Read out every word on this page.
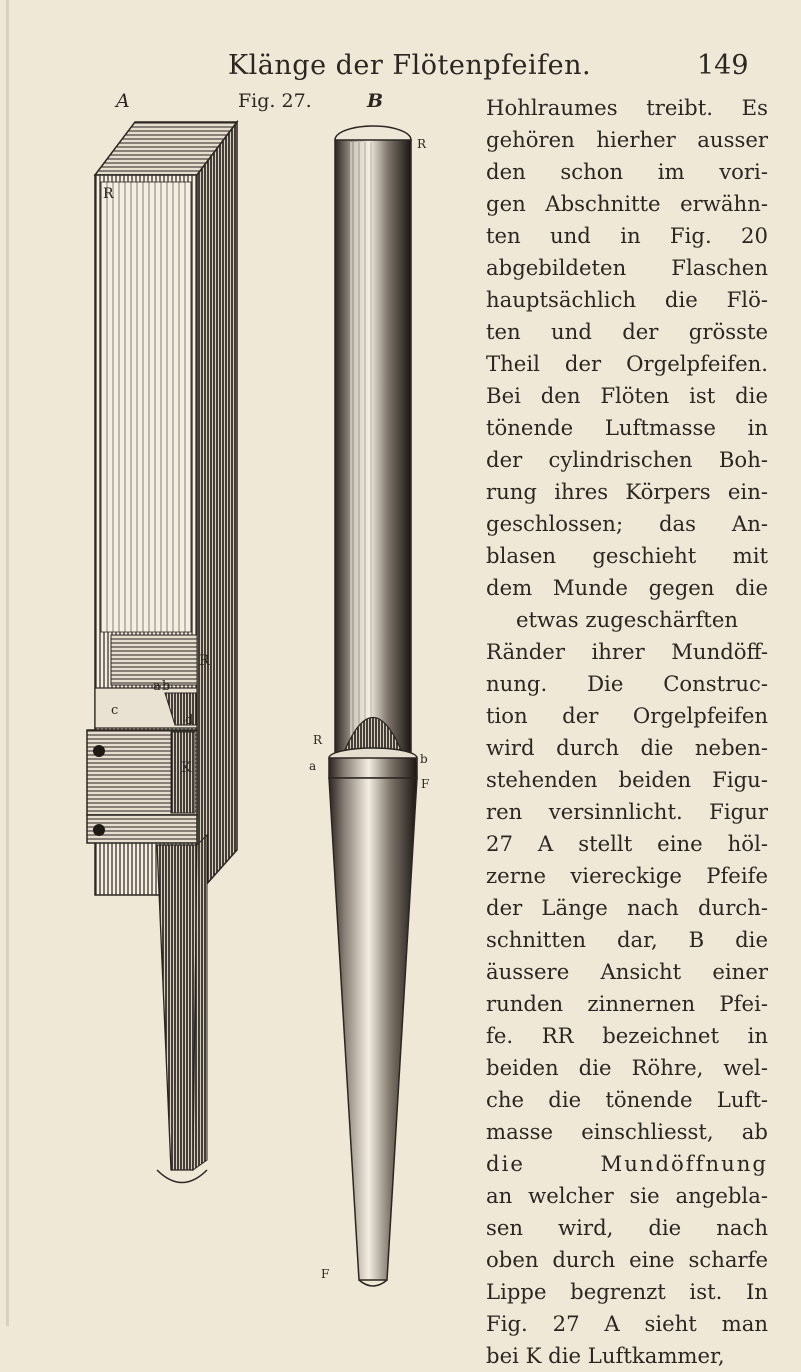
Klänge der Flötenpfeifen.	149
A	Fig. 27.	B
R
R
a b
c
d
K
R
R
a	b
F
F
Hohlraumes treibt. Es
gehören hierher ausser
den schon im vori-
gen Abschnitte erwähn-
ten und in Fig. 20
abgebildeten Flaschen
hauptsächlich die Flö-
ten und der grösste
Theil der Orgelpfeifen.
Bei den Flöten ist die
tönende Luftmasse in
der cylindrischen Boh-
rung ihres Körpers ein-
geschlossen; das An-
blasen geschieht mit
dem Munde gegen die
etwas zugeschärften
Ränder ihrer Mundöff-
nung. Die Construc-
tion der Orgelpfeifen
wird durch die neben-
stehenden beiden Figu-
ren versinnlicht. Figur
27 A stellt eine höl-
zerne viereckige Pfeife
der Länge nach durch-
schnitten dar, B die
äussere Ansicht einer
runden zinnernen Pfei-
fe. RR bezeichnet in
beiden die Röhre, wel-
che die tönende Luft-
masse einschliesst, ab
die Mundöffnung
an welcher sie angebla-
sen wird, die nach
oben durch eine scharfe
Lippe begrenzt ist. In
Fig. 27 A sieht man
bei K die Luftkammer,
